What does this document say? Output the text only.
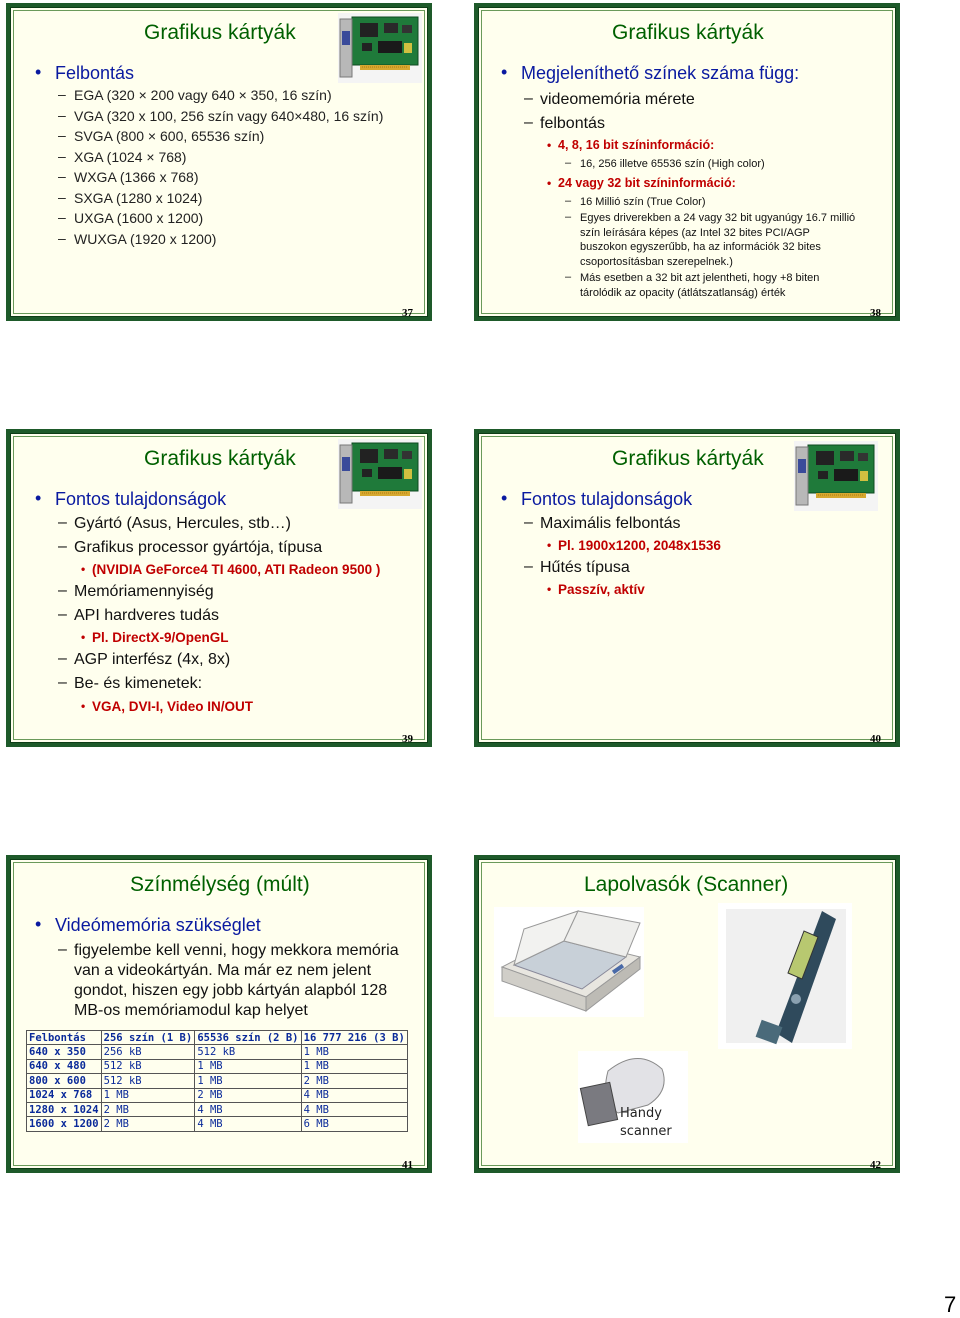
Grafikus kártyák
• Felbontás
– EGA (320 × 200 vagy 640 × 350, 16 szín)
– VGA (320 x 100, 256 szín vagy 640×480, 16 szín)
– SVGA (800 × 600, 65536 szín)
– XGA (1024 × 768)
– WXGA (1366 x 768)
– SXGA (1280 x 1024)
– UXGA (1600 x 1200)
– WUXGA (1920 x 1200)
37
Grafikus kártyák
• Megjeleníthető színek száma függ:
– videomemória mérete
– felbontás
• 4, 8, 16 bit színinformáció:
– 16, 256 illetve 65536 szín (High color)
• 24 vagy 32 bit színinformáció:
– 16 Millió szín (True Color)
– Egyes driverekben a 24 vagy 32 bit ugyanúgy 16.7 millió
szín leírására képes (az Intel 32 bites PCI/AGP
buszokon egyszerűbb, ha az információk 32 bites
csoportosításban szerepelnek.)
– Más esetben a 32 bit azt jelentheti, hogy +8 biten
tárolódik az opacity (átlátszatlanság) érték
38
Grafikus kártyák
• Fontos tulajdonságok
– Gyártó (Asus, Hercules, stb…)
– Grafikus processor gyártója, típusa
• (NVIDIA GeForce4 TI 4600, ATI Radeon 9500 )
– Memóriamennyiség
– API hardveres tudás
• Pl. DirectX-9/OpenGL
– AGP interfész (4x, 8x)
– Be- és kimenetek:
• VGA, DVI-I, Video IN/OUT
39
Grafikus kártyák
• Fontos tulajdonságok
– Maximális felbontás
• Pl. 1900x1200, 2048x1536
– Hűtés típusa
• Passzív, aktív
40
Színmélység (múlt)
• Videómemória szükséglet
– figyelembe kell venni, hogy mekkora memória
van a videokártyán. Ma már ez nem jelent
gondot, hiszen egy jobb kártyán alapból 128
MB-os memóriamodul kap helyet
Felbontás	256 szín (1 B)	65536 szín (2 B)	16 777 216 (3 B)
640 x 350	256 kB	512 kB	1 MB
640 x 480	512 kB	1 MB	1 MB
800 x 600	512 kB	1 MB	2 MB
1024 x 768	1 MB	2 MB	4 MB
1280 x 1024	2 MB	4 MB	4 MB
1600 x 1200	2 MB	4 MB	6 MB
41
Lapolvasók (Scanner)
Handy
scanner
42
7
